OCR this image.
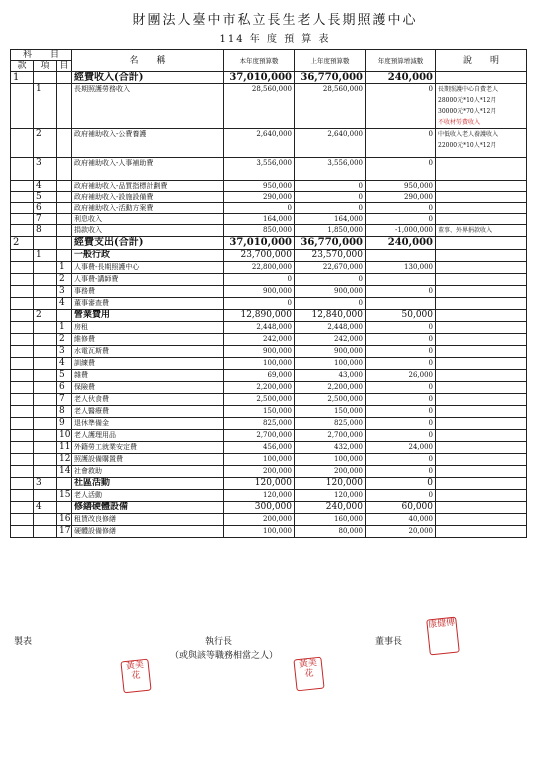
財團法人臺中市私立長生老人長期照護中心
114 年 度 預 算 表
科　　目			名　　稱	本年度預算數	上年度預算數	年度預算增減數	說　　明
款	項	目					
1			經費收入(合計)	37,010,000	36,770,000	240,000	
	1		長期照護勞務收入	28,560,000	28,560,000	0	長期照護中心自費老人
28000元*10人*12月
30000元*70人*12月
不收材勞費收入

	2		政府補助收入-公費養護	2,640,000	2,640,000	0	中低收入老人養護收入
22000元*10人*12月

	3		政府補助收入-人事補助費	3,556,000	3,556,000	0	
	4		政府補助收入-品質指標計劃費	950,000	0	950,000	
	5		政府補助收入-設施設備費	290,000	0	290,000	
	6		政府補助收入-活動方案費	0	0	0	
	7		利息收入	164,000	164,000	0	
	8		捐款收入	850,000	1,850,000	-1,000,000	董事、外界捐款收入

2			經費支出(合計)	37,010,000	36,770,000	240,000	
	1		一般行政	23,700,000	23,570,000		
		1	人事費-長期照護中心	22,800,000	22,670,000	130,000	
		2	人事費-講師費	0	0		
		3	事務費	900,000	900,000	0	
		4	董事審查費	0	0		
	2		營業費用	12,890,000	12,840,000	50,000	
		1	房租	2,448,000	2,448,000	0	
		2	維修費	242,000	242,000	0	
		3	水電瓦斯費	900,000	900,000	0	
		4	訓練費	100,000	100,000	0	
		5	雜費	69,000	43,000	26,000	
		6	保險費	2,200,000	2,200,000	0	
		7	老人伙食費	2,500,000	2,500,000	0	
		8	老人醫療費	150,000	150,000	0	
		9	退休準備金	825,000	825,000	0	
		10	老人護理用品	2,700,000	2,700,000	0	
		11	外籍勞工就業安定費	456,000	432,000	24,000	
		12	照護設備購置費	100,000	100,000	0	
		14	社會救助	200,000	200,000	0	
	3		社區活動	120,000	120,000	0	
		15	老人活動	120,000	120,000	0	
	4		修繕硬體設備	300,000	240,000	60,000	
		16	租賃改良修繕	200,000	160,000	40,000	
		17	硬體設備修繕	100,000	80,000	20,000	
製表	執行長
（或與該等職務相當之人）
董事長
黃美花
黃美花
康健傳
